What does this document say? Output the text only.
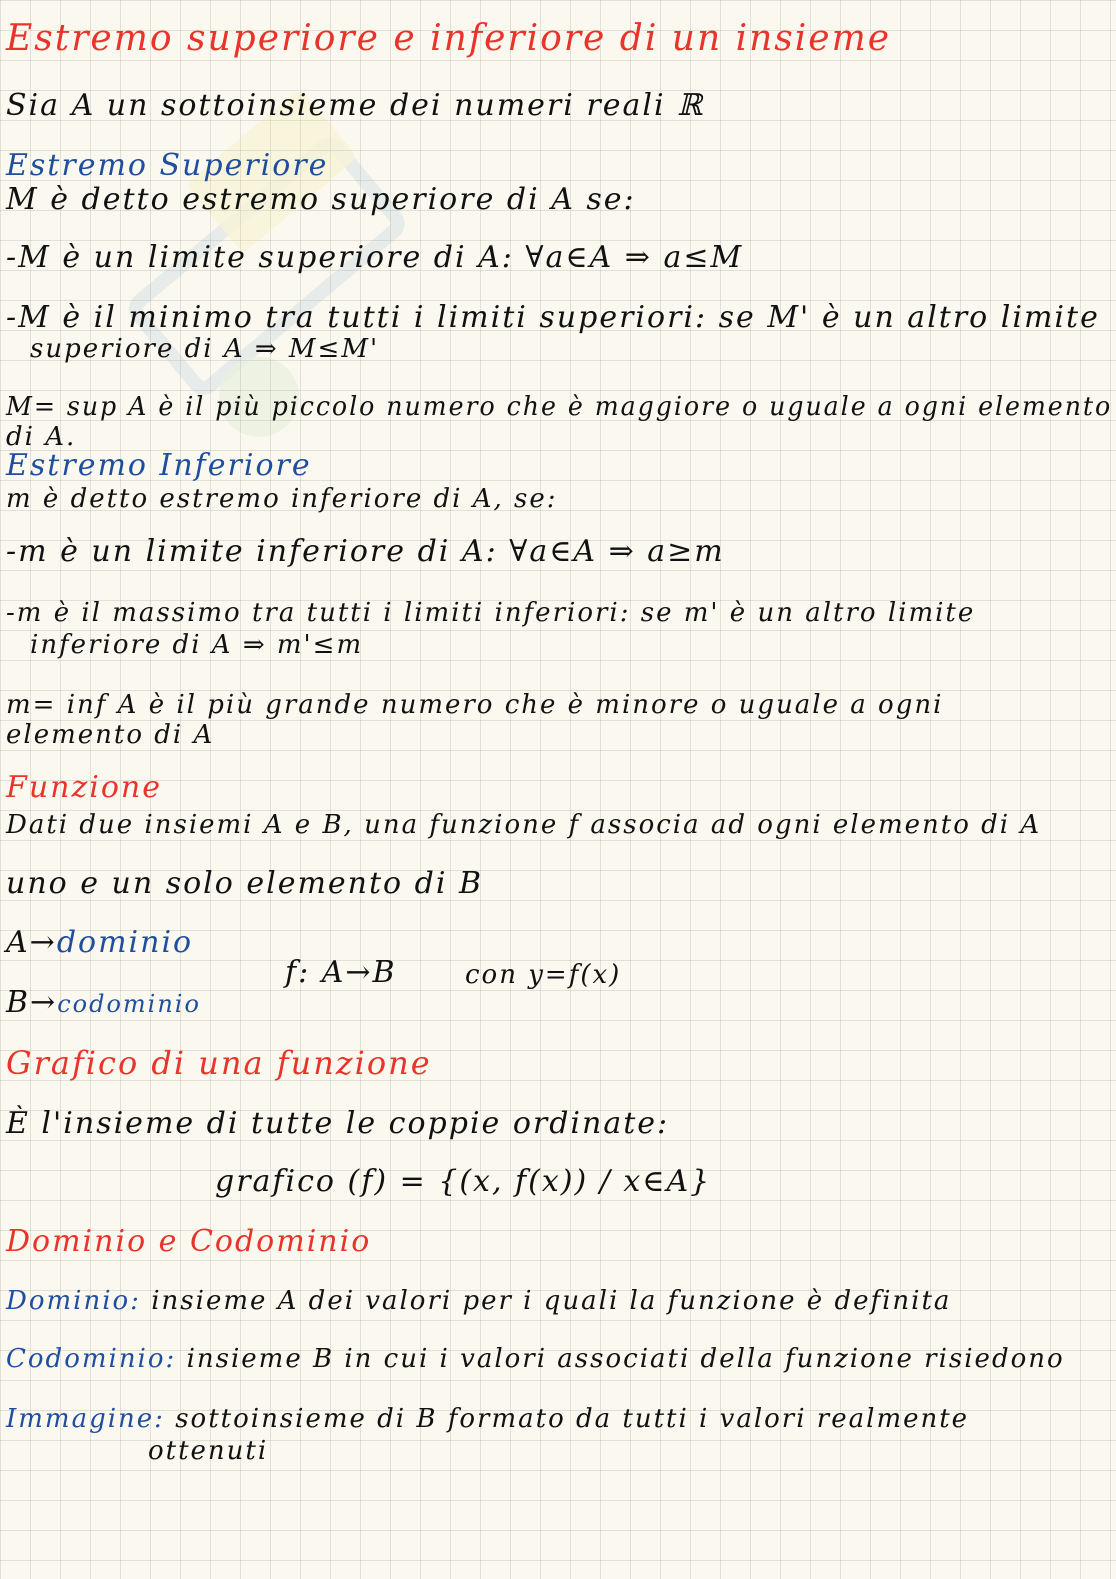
Estremo superiore e inferiore di un insieme
Sia A un sottoinsieme dei numeri reali ℝ
Estremo Superiore
M è detto estremo superiore di A se:
-M è un limite superiore di A: ∀a∈A ⇒ a≤M
-M è il minimo tra tutti i limiti superiori: se M' è un altro limite
superiore di A ⇒ M≤M'
M= sup A è il più piccolo numero che è maggiore o uguale a ogni elemento
di A.
Estremo Inferiore
m è detto estremo inferiore di A, se:
-m è un limite inferiore di A: ∀a∈A ⇒ a≥m
-m è il massimo tra tutti i limiti inferiori: se m' è un altro limite
inferiore di A ⇒ m'≤m
m= inf A è il più grande numero che è minore o uguale a ogni
elemento di A
Funzione
Dati due insiemi A e B, una funzione f associa ad ogni elemento di A
uno e un solo elemento di B
A→dominio
f: A→B	con y=f(x)
B→codominio
Grafico di una funzione
È l'insieme di tutte le coppie ordinate:
grafico (f) = {(x, f(x)) / x∈A}
Dominio e Codominio
Dominio: insieme A dei valori per i quali la funzione è definita
Codominio: insieme B in cui i valori associati della funzione risiedono
Immagine: sottoinsieme di B formato da tutti i valori realmente
ottenuti
